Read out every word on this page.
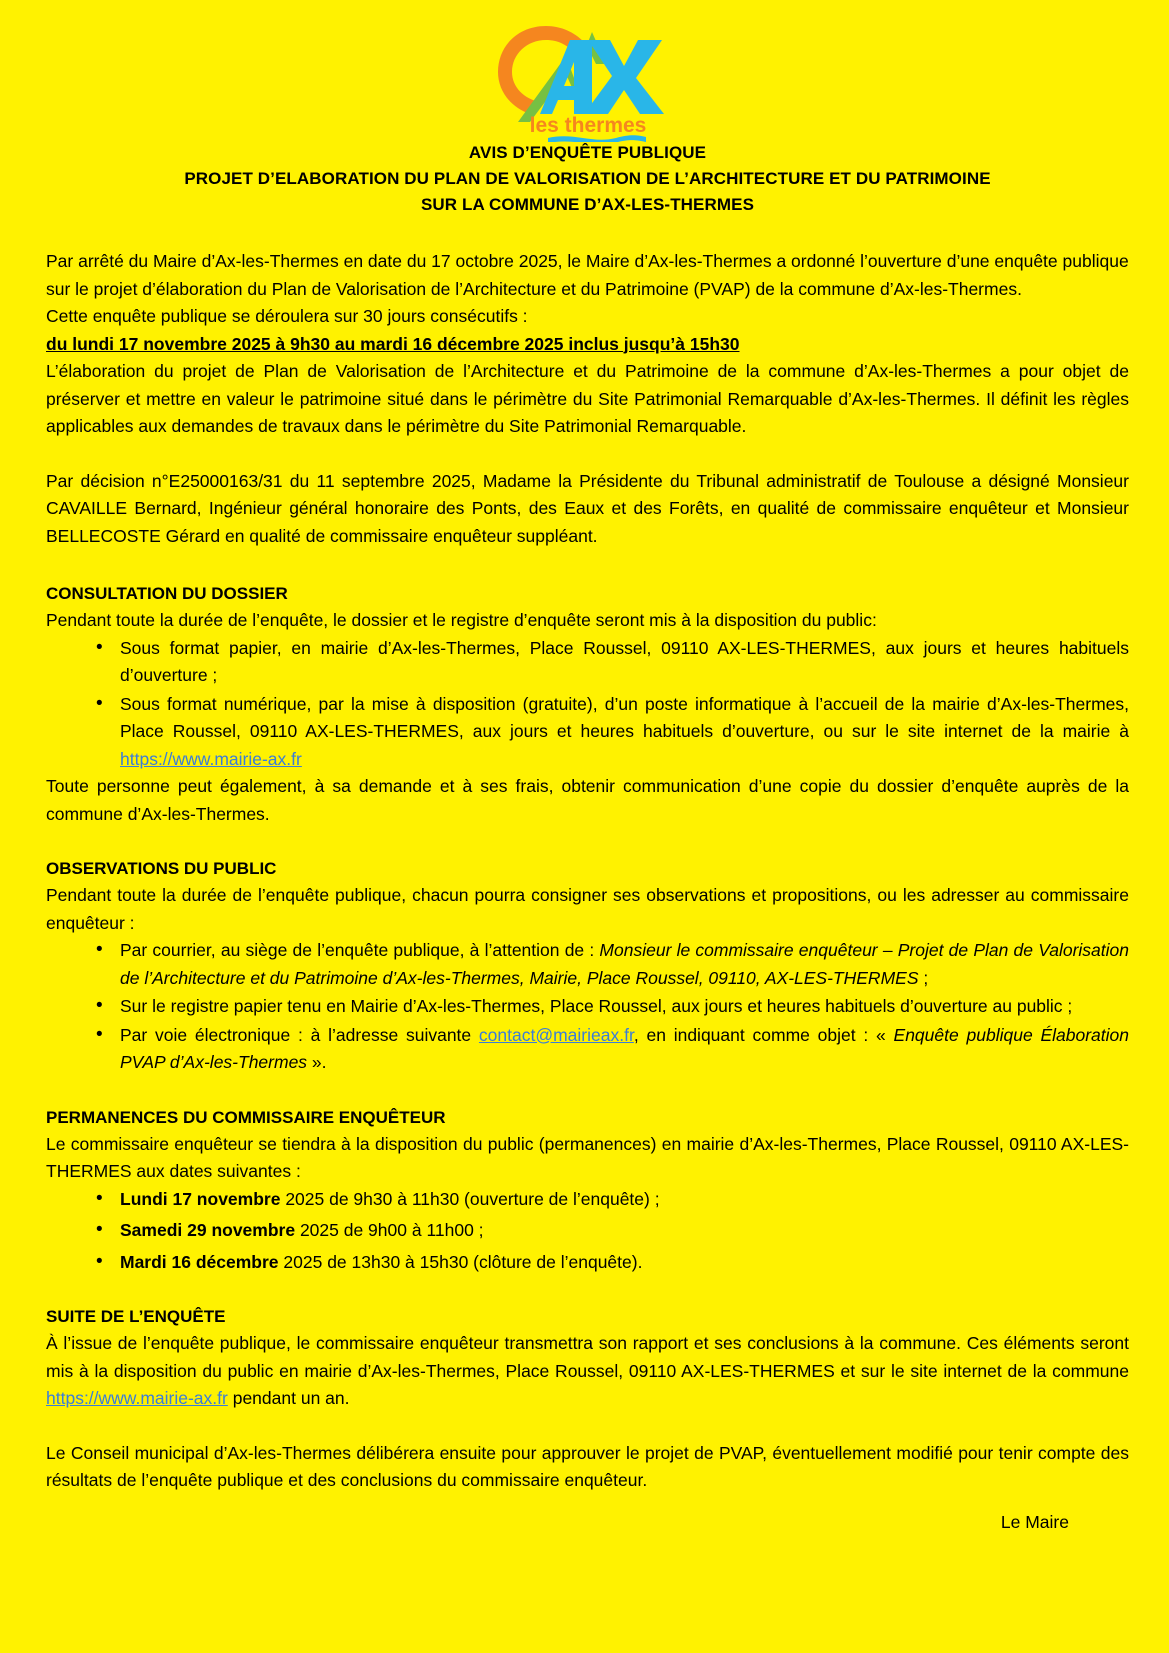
les thermes
AVIS D’ENQUÊTE PUBLIQUE
PROJET D’ELABORATION DU PLAN DE VALORISATION DE L’ARCHITECTURE ET DU PATRIMOINE
SUR LA COMMUNE D’AX-LES-THERMES

Par arrêté du Maire d’Ax-les-Thermes en date du 17 octobre 2025, le Maire d’Ax-les-Thermes a ordonné l’ouverture d’une enquête publique sur le projet d’élaboration du Plan de Valorisation de l’Architecture et du Patrimoine (PVAP) de la commune d’Ax-les-Thermes.

Cette enquête publique se déroulera sur 30 jours consécutifs :

du lundi 17 novembre 2025 à 9h30 au mardi 16 décembre 2025 inclus jusqu’à 15h30

L’élaboration du projet de Plan de Valorisation de l’Architecture et du Patrimoine de la commune d’Ax-les-Thermes a pour objet de préserver et mettre en valeur le patrimoine situé dans le périmètre du Site Patrimonial Remarquable d’Ax-les-Thermes. Il définit les règles applicables aux demandes de travaux dans le périmètre du Site Patrimonial Remarquable.

Par décision n°E25000163/31 du 11 septembre 2025, Madame la Présidente du Tribunal administratif de Toulouse a désigné Monsieur CAVAILLE Bernard, Ingénieur général honoraire des Ponts, des Eaux et des Forêts, en qualité de commissaire enquêteur et Monsieur BELLECOSTE Gérard en qualité de commissaire enquêteur suppléant.

CONSULTATION DU DOSSIER

Pendant toute la durée de l’enquête, le dossier et le registre d’enquête seront mis à la disposition du public:

• Sous format papier, en mairie d’Ax-les-Thermes, Place Roussel, 09110 AX-LES-THERMES, aux jours et heures habituels d’ouverture ;
• Sous format numérique, par la mise à disposition (gratuite), d’un poste informatique à l’accueil de la mairie d’Ax-les-Thermes, Place Roussel, 09110 AX-LES-THERMES, aux jours et heures habituels d’ouverture, ou sur le site internet de la mairie à https://www.mairie-ax.fr

Toute personne peut également, à sa demande et à ses frais, obtenir communication d’une copie du dossier d’enquête auprès de la commune d’Ax-les-Thermes.

OBSERVATIONS DU PUBLIC

Pendant toute la durée de l’enquête publique, chacun pourra consigner ses observations et propositions, ou les adresser au commissaire enquêteur :

• Par courrier, au siège de l’enquête publique, à l’attention de : Monsieur le commissaire enquêteur – Projet de Plan de Valorisation de l’Architecture et du Patrimoine d’Ax-les-Thermes, Mairie, Place Roussel, 09110, AX-LES-THERMES ;
• Sur le registre papier tenu en Mairie d’Ax-les-Thermes, Place Roussel, aux jours et heures habituels d’ouverture au public ;
• Par voie électronique : à l’adresse suivante contact@mairieax.fr, en indiquant comme objet : « Enquête publique Élaboration PVAP d’Ax-les-Thermes ».

PERMANENCES DU COMMISSAIRE ENQUÊTEUR

Le commissaire enquêteur se tiendra à la disposition du public (permanences) en mairie d’Ax-les-Thermes, Place Roussel, 09110 AX-LES-THERMES aux dates suivantes :

• Lundi 17 novembre 2025 de 9h30 à 11h30 (ouverture de l’enquête) ;
• Samedi 29 novembre 2025 de 9h00 à 11h00 ;
• Mardi 16 décembre 2025 de 13h30 à 15h30 (clôture de l’enquête).

SUITE DE L’ENQUÊTE

À l’issue de l’enquête publique, le commissaire enquêteur transmettra son rapport et ses conclusions à la commune. Ces éléments seront mis à la disposition du public en mairie d’Ax-les-Thermes, Place Roussel, 09110 AX-LES-THERMES et sur le site internet de la commune https://www.mairie-ax.fr pendant un an.

Le Conseil municipal d’Ax-les-Thermes délibérera ensuite pour approuver le projet de PVAP, éventuellement modifié pour tenir compte des résultats de l’enquête publique et des conclusions du commissaire enquêteur.

Le Maire
